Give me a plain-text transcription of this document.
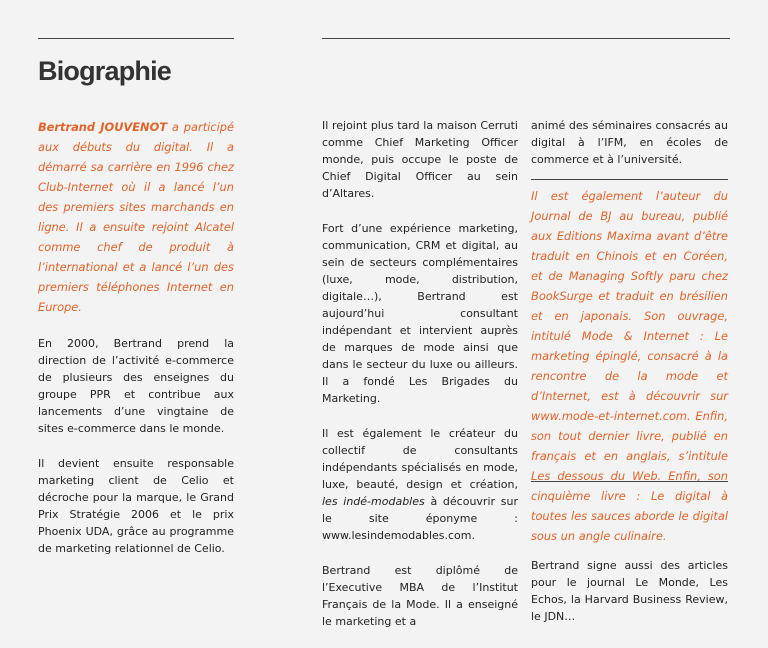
Biographie

Bertrand JOUVENOT a participé aux débuts du digital. Il a démarré sa carrière en 1996 chez Club-Internet où il a lancé l’un des premiers sites marchands en ligne. Il a ensuite rejoint Alcatel comme chef de produit à l’international et a lancé l’un des premiers téléphones Internet en Europe.

En 2000, Bertrand prend la direction de l’activité e-commerce de plusieurs des enseignes du groupe PPR et contribue aux lancements d’une vingtaine de sites e-commerce dans le monde.

Il devient ensuite responsable marketing client de Celio et décroche pour la marque, le Grand Prix Stratégie 2006 et le prix Phoenix UDA, grâce au programme de marketing relationnel de Celio.

Il rejoint plus tard la maison Cerruti comme Chief Marketing Officer monde, puis occupe le poste de Chief Digital Officer au sein d’Altares.

Fort d’une expérience marketing, communication, CRM et digital, au sein de secteurs complémentaires (luxe, mode, distribution, digitale…), Bertrand est aujourd’hui consultant indépendant et intervient auprès de marques de mode ainsi que dans le secteur du luxe ou ailleurs. Il a fondé Les Brigades du Marketing.

Il est également le créateur du collectif de consultants indépendants spécialisés en mode, luxe, beauté, design et création, les indé-modables à découvrir sur le site éponyme : www.lesindemodables.com.

Bertrand est diplômé de l’Executive MBA de l’Institut Français de la Mode. Il a enseigné le marketing et a

animé des séminaires consacrés au digital à l’IFM, en écoles de commerce et à l’université.

Il est également l’auteur du Journal de BJ au bureau, publié aux Editions Maxima avant d’être traduit en Chinois et en Coréen, et de Managing Softly paru chez BookSurge et traduit en brésilien et en japonais. Son ouvrage, intitulé Mode & Internet : Le marketing épinglé, consacré à la rencontre de la mode et d’Internet, est à découvrir sur www.mode-et-internet.com. Enfin, son tout dernier livre, publié en français et en anglais, s’intitule Les dessous du Web. Enfin, son cinquième livre : Le digital à toutes les sauces aborde le digital sous un angle culinaire.

Bertrand signe aussi des articles pour le journal Le Monde, Les Echos, la Harvard Business Review, le JDN…
